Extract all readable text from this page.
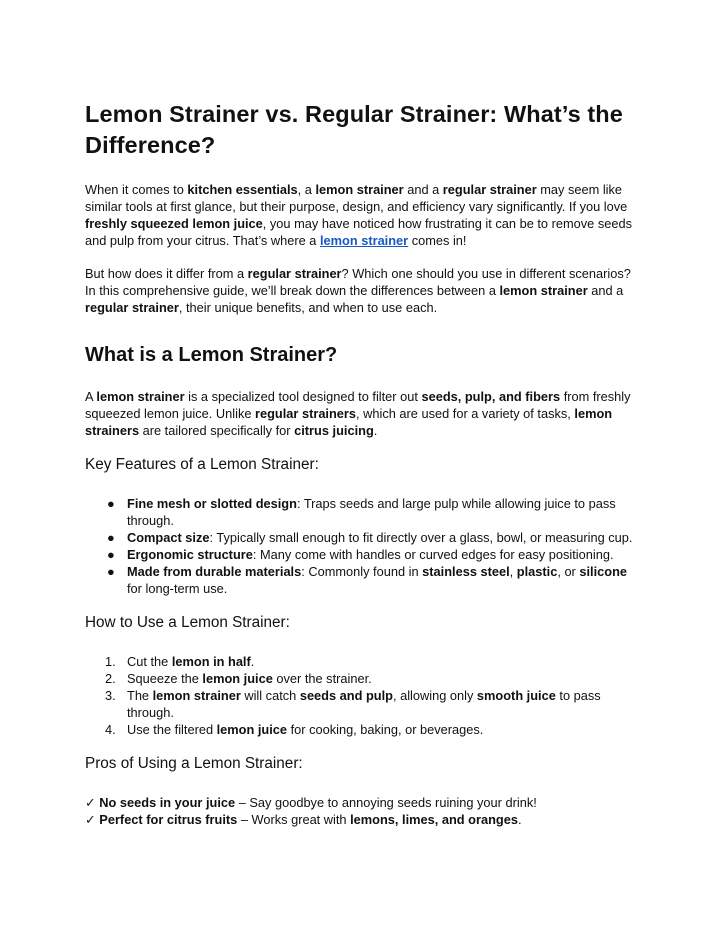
Lemon Strainer vs. Regular Strainer: What’s the Difference?

When it comes to kitchen essentials, a lemon strainer and a regular strainer may seem like similar tools at first glance, but their purpose, design, and efficiency vary significantly. If you love freshly squeezed lemon juice, you may have noticed how frustrating it can be to remove seeds and pulp from your citrus. That’s where a lemon strainer comes in!

But how does it differ from a regular strainer? Which one should you use in different scenarios? In this comprehensive guide, we’ll break down the differences between a lemon strainer and a regular strainer, their unique benefits, and when to use each.

What is a Lemon Strainer?

A lemon strainer is a specialized tool designed to filter out seeds, pulp, and fibers from freshly squeezed lemon juice. Unlike regular strainers, which are used for a variety of tasks, lemon strainers are tailored specifically for citrus juicing.

Key Features of a Lemon Strainer:
● Fine mesh or slotted design: Traps seeds and large pulp while allowing juice to pass through.
● Compact size: Typically small enough to fit directly over a glass, bowl, or measuring cup.
● Ergonomic structure: Many come with handles or curved edges for easy positioning.
● Made from durable materials: Commonly found in stainless steel, plastic, or silicone for long-term use.
How to Use a Lemon Strainer:
1. Cut the lemon in half.
2. Squeeze the lemon juice over the strainer.
3. The lemon strainer will catch seeds and pulp, allowing only smooth juice to pass through.
4. Use the filtered lemon juice for cooking, baking, or beverages.
Pros of Using a Lemon Strainer:
✓ No seeds in your juice – Say goodbye to annoying seeds ruining your drink!
✓ Perfect for citrus fruits – Works great with lemons, limes, and oranges.
